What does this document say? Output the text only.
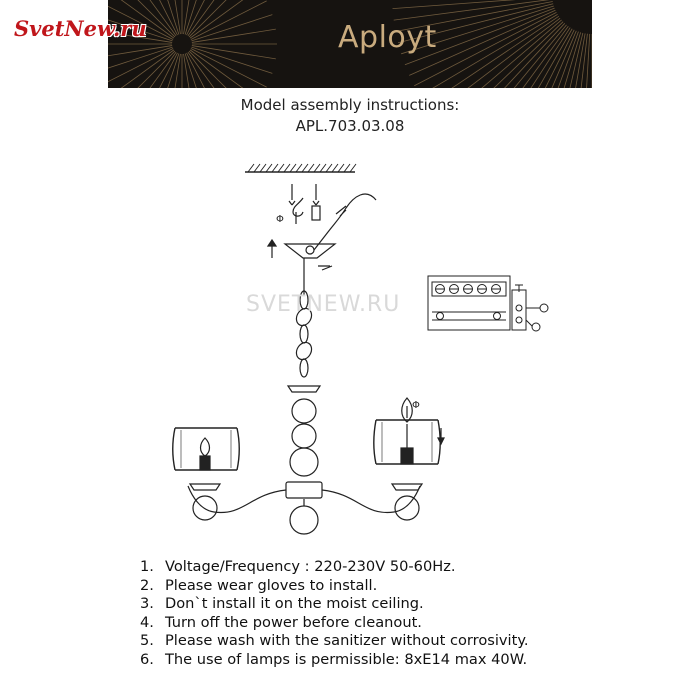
Aployt
SvetNew.ru
Model assembly instructions:
APL.703.03.08
Φ
Φ
SVETNEW.RU
1. Voltage/Frequency : 220-230V 50-60Hz.
2. Please wear gloves to install.
3. Don`t install it on the moist ceiling.
4. Turn off the power before cleanout.
5. Please wash with the sanitizer without corrosivity.
6. The use of lamps is permissible: 8xE14 max 40W.
